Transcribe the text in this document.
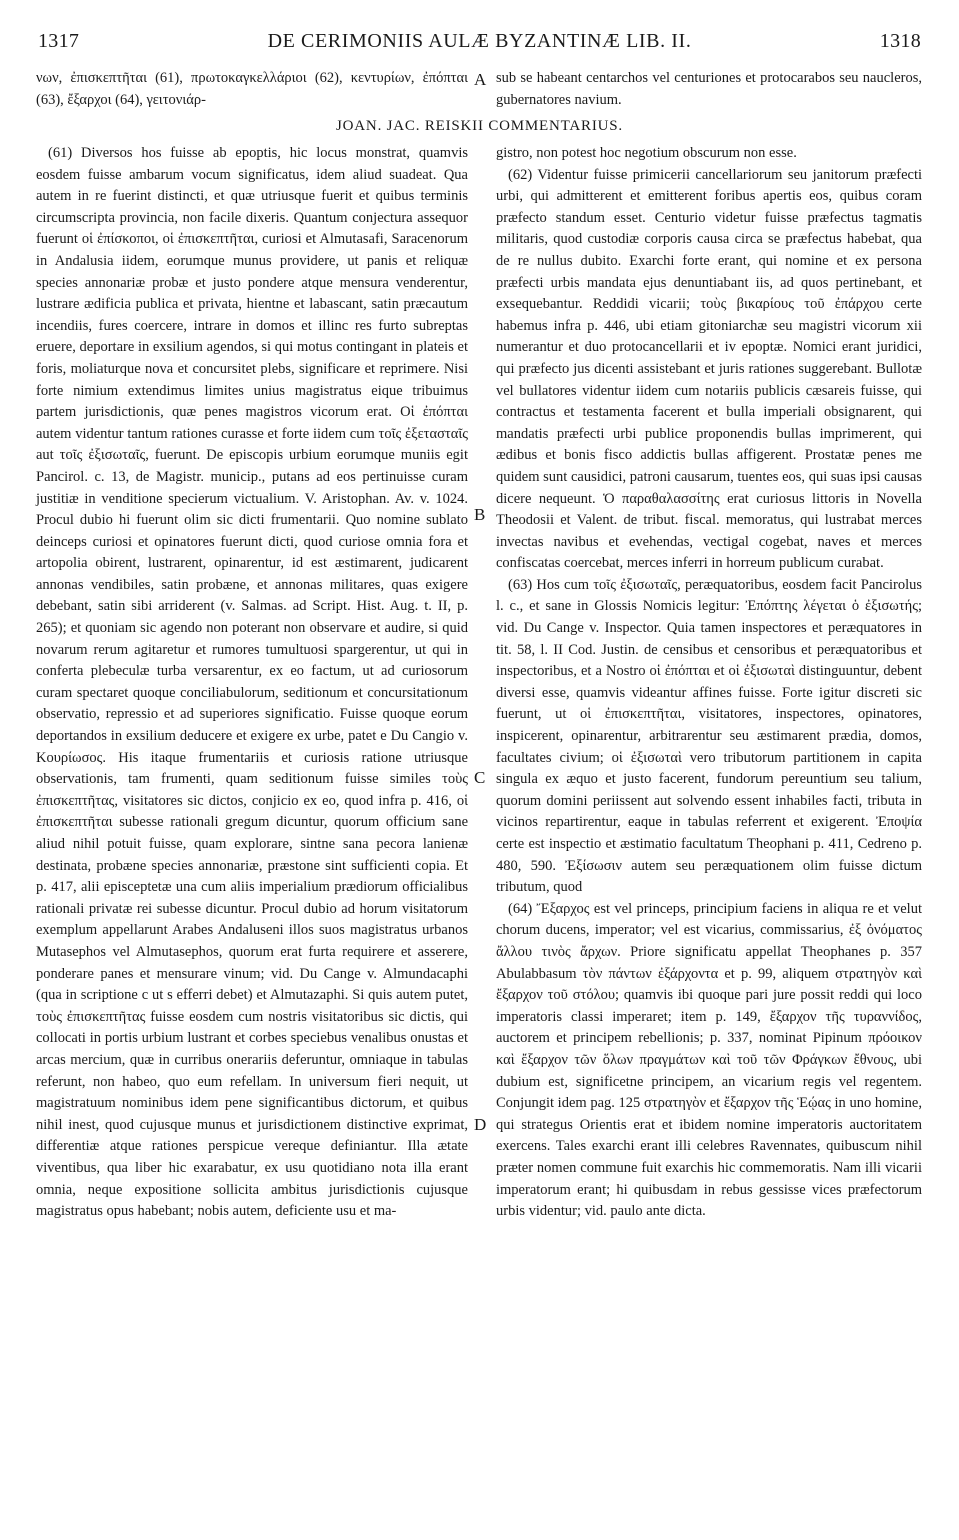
1317	DE CERIMONIIS AULÆ BYZANTINÆ LIB. II.	1318

νων, ἐπισκεπτῆται (61), πρωτοκαγκελλάριοι (62), κεντυρίων, ἐπόπται (63), ἔξαρχοι (64), γειτονιάρ-

sub se habeant centarchos vel centuriones et protocarabos seu naucleros, gubernatores navium.

JOAN. JAC. REISKII COMMENTARIUS.

(61) Diversos hos fuisse ab epoptis, hic locus monstrat, quamvis eosdem fuisse ambarum vocum significatus, idem aliud suadeat. Qua autem in re fuerint distincti, et quæ utriusque fuerit et quibus terminis circumscripta provincia, non facile dixeris. Quantum conjectura assequor fuerunt οἱ ἐπίσκοποι, οἱ ἐπισκεπτῆται, curiosi et Almutasafi, Saracenorum in Andalusia iidem, eorumque munus providere, ut panis et reliquæ species annonariæ probæ et justo pondere atque mensura venderentur, lustrare ædificia publica et privata, hientne et labascant, satin præcautum incendiis, fures coercere, intrare in domos et illinc res furto subreptas eruere, deportare in exsilium agendos, si qui motus contingant in plateis et foris, moliaturque nova et concursitet plebs, significare et reprimere. Nisi forte nimium extendimus limites unius magistratus eique tribuimus partem jurisdictionis, quæ penes magistros vicorum erat. Οἱ ἐπόπται autem videntur tantum rationes curasse et forte iidem cum τοῖς ἐξετασταῖς aut τοῖς ἐξισωταῖς, fuerunt. De episcopis urbium eorumque muniis egit Pancirol. c. 13, de Magistr. municip., putans ad eos pertinuisse curam justitiæ in venditione specierum victualium. V. Aristophan. Av. v. 1024. Procul dubio hi fuerunt olim sic dicti frumentarii. Quo nomine sublato deinceps curiosi et opinatores fuerunt dicti, quod curiose omnia fora et artopolia obirent, lustrarent, opinarentur, id est æstimarent, judicarent annonas vendibiles, satin probæne, et annonas militares, quas exigere debebant, satin sibi arriderent (v. Salmas. ad Script. Hist. Aug. t. II, p. 265); et quoniam sic agendo non poterant non observare et audire, si quid novarum rerum agitaretur et rumores tumultuosi spargerentur, ut qui in conferta plebeculæ turba versarentur, ex eo factum, ut ad curiosorum curam spectaret quoque conciliabulorum, seditionum et concursitationum observatio, repressio et ad superiores significatio. Fuisse quoque eorum deportandos in exsilium deducere et exigere ex urbe, patet e Du Cangio v. Κουρίωσος. His itaque frumentariis et curiosis ratione utriusque observationis, tam frumenti, quam seditionum fuisse similes τοὺς ἐπισκεπτῆτας, visitatores sic dictos, conjicio ex eo, quod infra p. 416, οἱ ἐπισκεπτῆται subesse rationali gregum dicuntur, quorum officium sane aliud nihil potuit fuisse, quam explorare, sintne sana pecora lanienæ destinata, probæne species annonariæ, præstone sint sufficienti copia. Et p. 417, alii episceptetæ una cum aliis imperialium prædiorum officialibus rationali privatæ rei subesse dicuntur. Procul dubio ad horum visitatorum exemplum appellarunt Arabes Andaluseni illos suos magistratus urbanos Mutasephos vel Almutasephos, quorum erat furta requirere et asserere, ponderare panes et mensurare vinum; vid. Du Cange v. Almundacaphi (qua in scriptione c ut s efferri debet) et Almutazaphi. Si quis autem putet, τοὺς ἐπισκεπτῆτας fuisse eosdem cum nostris visitatoribus sic dictis, qui collocati in portis urbium lustrant et corbes speciebus venalibus onustas et arcas mercium, quæ in curribus onerariis deferuntur, omniaque in tabulas referunt, non habeo, quo eum refellam. In universum fieri nequit, ut magistratuum nominibus idem pene significantibus dictorum, et quibus nihil inest, quod cujusque munus et jurisdictionem distinctive exprimat, differentiæ atque rationes perspicue vereque definiantur. Illa ætate viventibus, qua liber hic exarabatur, ex usu quotidiano nota illa erant omnia, neque expositione sollicita ambitus jurisdictionis cujusque magistratus opus habebant; nobis autem, deficiente usu et ma-

gistro, non potest hoc negotium obscurum non esse.

(62) Videntur fuisse primicerii cancellariorum seu janitorum præfecti urbi, qui admitterent et emitterent foribus apertis eos, quibus coram præfecto standum esset. Centurio videtur fuisse præfectus tagmatis militaris, quod custodiæ corporis causa circa se præfectus habebat, qua de re nullus dubito. Exarchi forte erant, qui nomine et ex persona præfecti urbis mandata ejus denuntiabant iis, ad quos pertinebant, et exsequebantur. Reddidi vicarii; τοὺς βικαρίους τοῦ ἐπάρχου certe habemus infra p. 446, ubi etiam gitoniarchæ seu magistri vicorum xii numerantur et duo protocancellarii et iv epoptæ. Nomici erant juridici, qui præfecto jus dicenti assistebant et juris rationes suggerebant. Bullotæ vel bullatores videntur iidem cum notariis publicis cæsareis fuisse, qui contractus et testamenta facerent et bulla imperiali obsignarent, qui mandatis præfecti urbi publice proponendis bullas imprimerent, qui ædibus et bonis fisco addictis bullas affigerent. Prostatæ penes me quidem sunt causidici, patroni causarum, tuentes eos, qui suas ipsi causas dicere nequeunt. Ὁ παραθαλασσίτης erat curiosus littoris in Novella Theodosii et Valent. de tribut. fiscal. memoratus, qui lustrabat merces invectas navibus et evehendas, vectigal cogebat, naves et merces confiscatas coercebat, merces inferri in horreum publicum curabat.

(63) Hos cum τοῖς ἐξισωταῖς, peræquatoribus, eosdem facit Pancirolus l. c., et sane in Glossis Nomicis legitur: Ἐπόπτης λέγεται ὁ ἐξισωτής; vid. Du Cange v. Inspector. Quia tamen inspectores et peræquatores in tit. 58, l. II Cod. Justin. de censibus et censoribus et peræquatoribus et inspectoribus, et a Nostro οἱ ἐπόπται et οἱ ἐξισωταὶ distinguuntur, debent diversi esse, quamvis videantur affines fuisse. Forte igitur discreti sic fuerunt, ut οἱ ἐπισκεπτῆται, visitatores, inspectores, opinatores, inspicerent, opinarentur, arbitrarentur seu æstimarent prædia, domos, facultates civium; οἱ ἐξισωταὶ vero tributorum partitionem in capita singula ex æquo et justo facerent, fundorum pereuntium seu talium, quorum domini periissent aut solvendo essent inhabiles facti, tributa in vicinos repartirentur, eaque in tabulas referrent et exigerent. Ἐποψία certe est inspectio et æstimatio facultatum Theophani p. 411, Cedreno p. 480, 590. Ἐξίσωσιν autem seu peræquationem olim fuisse dictum tributum, quod

(64) Ἔξαρχος est vel princeps, principium faciens in aliqua re et velut chorum ducens, imperator; vel est vicarius, commissarius, ἐξ ὀνόματος ἄλλου τινὸς ἄρχων. Priore significatu appellat Theophanes p. 357 Abulabbasum τὸν πάντων ἐξάρχοντα et p. 99, aliquem στρατηγὸν καὶ ἔξαρχον τοῦ στόλου; quamvis ibi quoque pari jure possit reddi qui loco imperatoris classi imperaret; item p. 149, ἔξαρχον τῆς τυραννίδος, auctorem et principem rebellionis; p. 337, nominat Pipinum πρόοικον καὶ ἔξαρχον τῶν ὅλων πραγμάτων καὶ τοῦ τῶν Φράγκων ἔθνους, ubi dubium est, significetne principem, an vicarium regis vel regentem. Conjungit idem pag. 125 στρατηγὸν et ἔξαρχον τῆς Ἑῴας in uno homine, qui strategus Orientis erat et ibidem nomine imperatoris auctoritatem exercens. Tales exarchi erant illi celebres Ravennates, quibuscum nihil præter nomen commune fuit exarchis hic commemoratis. Nam illi vicarii imperatorum erant; hi quibusdam in rebus gessisse vices præfectorum urbis videntur; vid. paulo ante dicta.

A
B
C
D
